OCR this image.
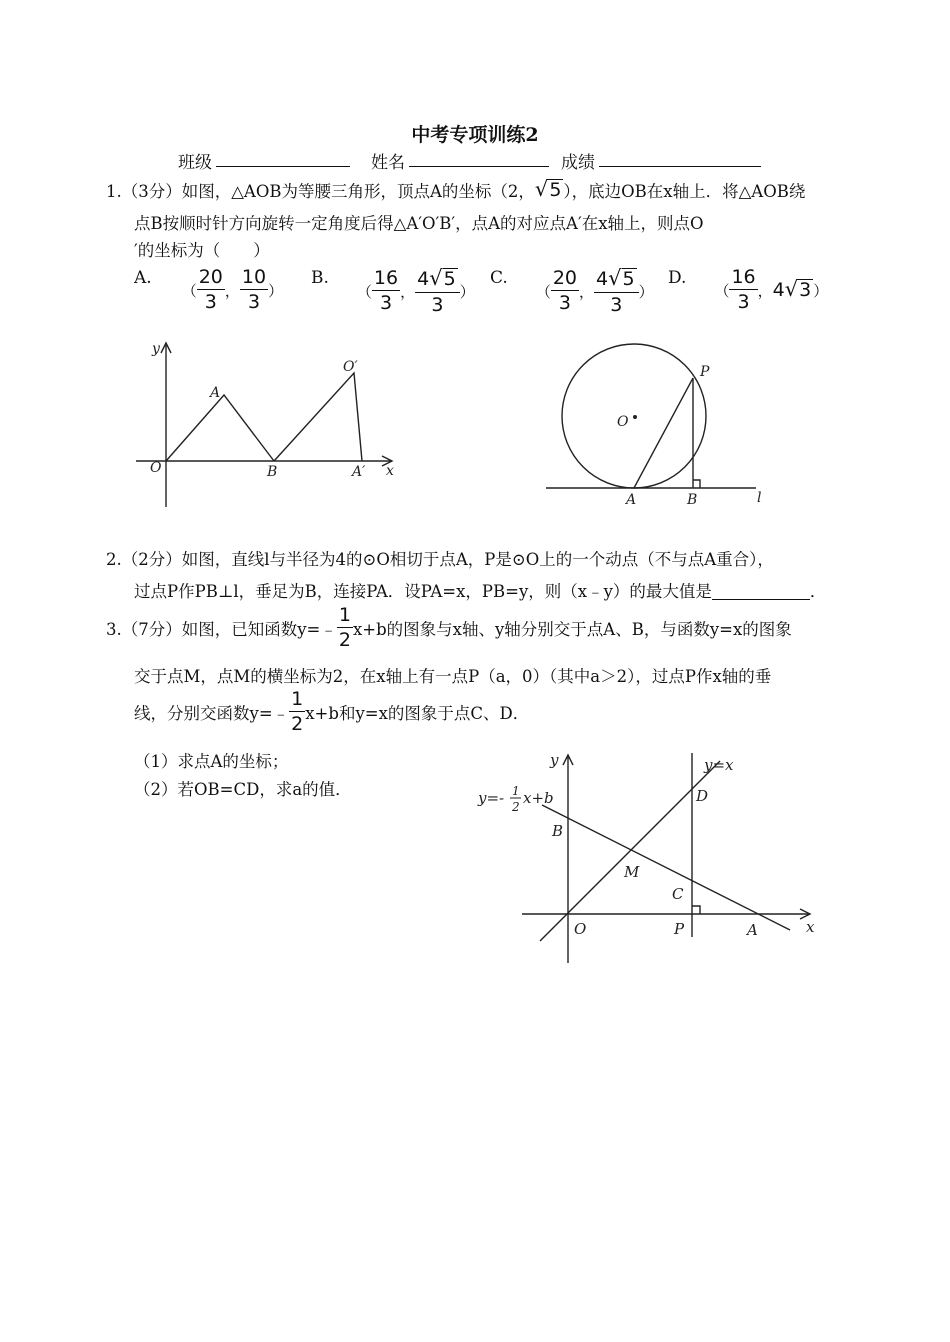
中考专项训练2
班级	姓名	成绩
1.（3分）如图，△AOB为等腰三角形，顶点A的坐标（2， √ 5 ），底边OB在x轴上．将△AOB绕
点B按顺时针方向旋转一定角度后得△A′O′B′，点A的对应点A′在x轴上，则点O
′的坐标为（　　）
A.
（ $\frac{20}{3}$ ， $\frac{10}{3}$ ）
B.
（ $\frac{16}{3}$ ， $\frac{4 √ 5}{3}$ ）
C.
（ $\frac{20}{3}$ ， $\frac{4 √ 5}{3}$ ）
D.
（ $\frac{16}{3}$ ， 4 √ 3 ）
y
x
O
A
B
O′
A′
P
O
A	B	l
2.（2分）如图，直线l与半径为4的⊙O相切于点A，P是⊙O上的一个动点（不与点A重合），
过点P作PB⊥l，垂足为B，连接PA．设PA=x，PB=y，则（x﹣y）的最大值是	．
3.（7分）如图，已知函数y=﹣ $\frac{1}{2} x+b$的图象与x轴、y轴分别交于点A、B，与函数y=x的图象
交于点M，点M的横坐标为2，在x轴上有一点P（a，0）（其中a＞2），过点P作x轴的垂
线，分别交函数y=﹣ $\frac{1}{2} x+b$和y=x的图象于点C、D．
（1）求点A的坐标；
（2）若OB=CD，求a的值．
y
x
y=x
y=- 1
2 x+b
B
D
M
C
O	P	A
